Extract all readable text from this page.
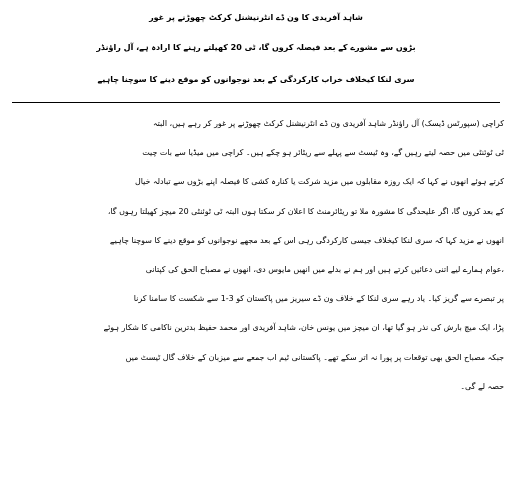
شاہد آفریدی کا ون ڈے انٹرنیشنل کرکٹ چھوڑنے پر غور
بڑوں سے مشورے کے بعد فیصلہ کروں گا، ٹی 20 کھیلتے رہنے کا ارادہ ہے، آل راؤنڈر
سری لنکا کیخلاف خراب کارکردگی کے بعد نوجوانوں کو موقع دینے کا سوچنا چاہیے
کراچی (سپورٹس ڈیسک) آل راؤنڈر شاہد آفریدی ون ڈے انٹرنیشنل کرکٹ چھوڑنے پر غور کر رہے ہیں، البتہ
ٹی ٹوئنٹی میں حصہ لیتے رہیں گے، وہ ٹیسٹ سے پہلے سے ریٹائر ہو چکے ہیں۔ کراچی میں میڈیا سے بات چیت
کرتے ہوئے انھوں نے کہا کہ ایک روزہ مقابلوں میں مزید شرکت یا کنارہ کشی کا فیصلہ اپنے بڑوں سے تبادلہ خیال
کے بعد کروں گا، اگر علیحدگی کا مشورہ ملا تو ریٹائرمنٹ کا اعلان کر سکتا ہوں البتہ ٹی ٹوئنٹی 20 میچز کھیلتا رہوں گا،
انھوں نے مزید کہا کہ سری لنکا کیخلاف جیسی کارکردگی رہی اس کے بعد مجھے نوجوانوں کو موقع دینے کا سوچنا چاہیے
،عوام ہمارے لیے اتنی دعائیں کرتے ہیں اور ہم نے بدلے میں انھیں مایوس دی، انھوں نے مصباح الحق کی کپتانی
پر تبصرے سے گریز کیا۔ یاد رہے سری لنکا کے خلاف ون ڈے سیریز میں پاکستان کو 3-1 سے شکست کا سامنا کرنا
پڑا، ایک میچ بارش کی نذر ہو گیا تھا، ان میچز میں یونس خان، شاہد آفریدی اور محمد حفیظ بدترین ناکامی کا شکار ہوئے
جبکہ مصباح الحق بھی توقعات پر پورا نہ اتر سکے تھے۔ پاکستانی ٹیم اب جمعے سے میزبان کے خلاف گال ٹیسٹ میں
حصہ لے گی۔
